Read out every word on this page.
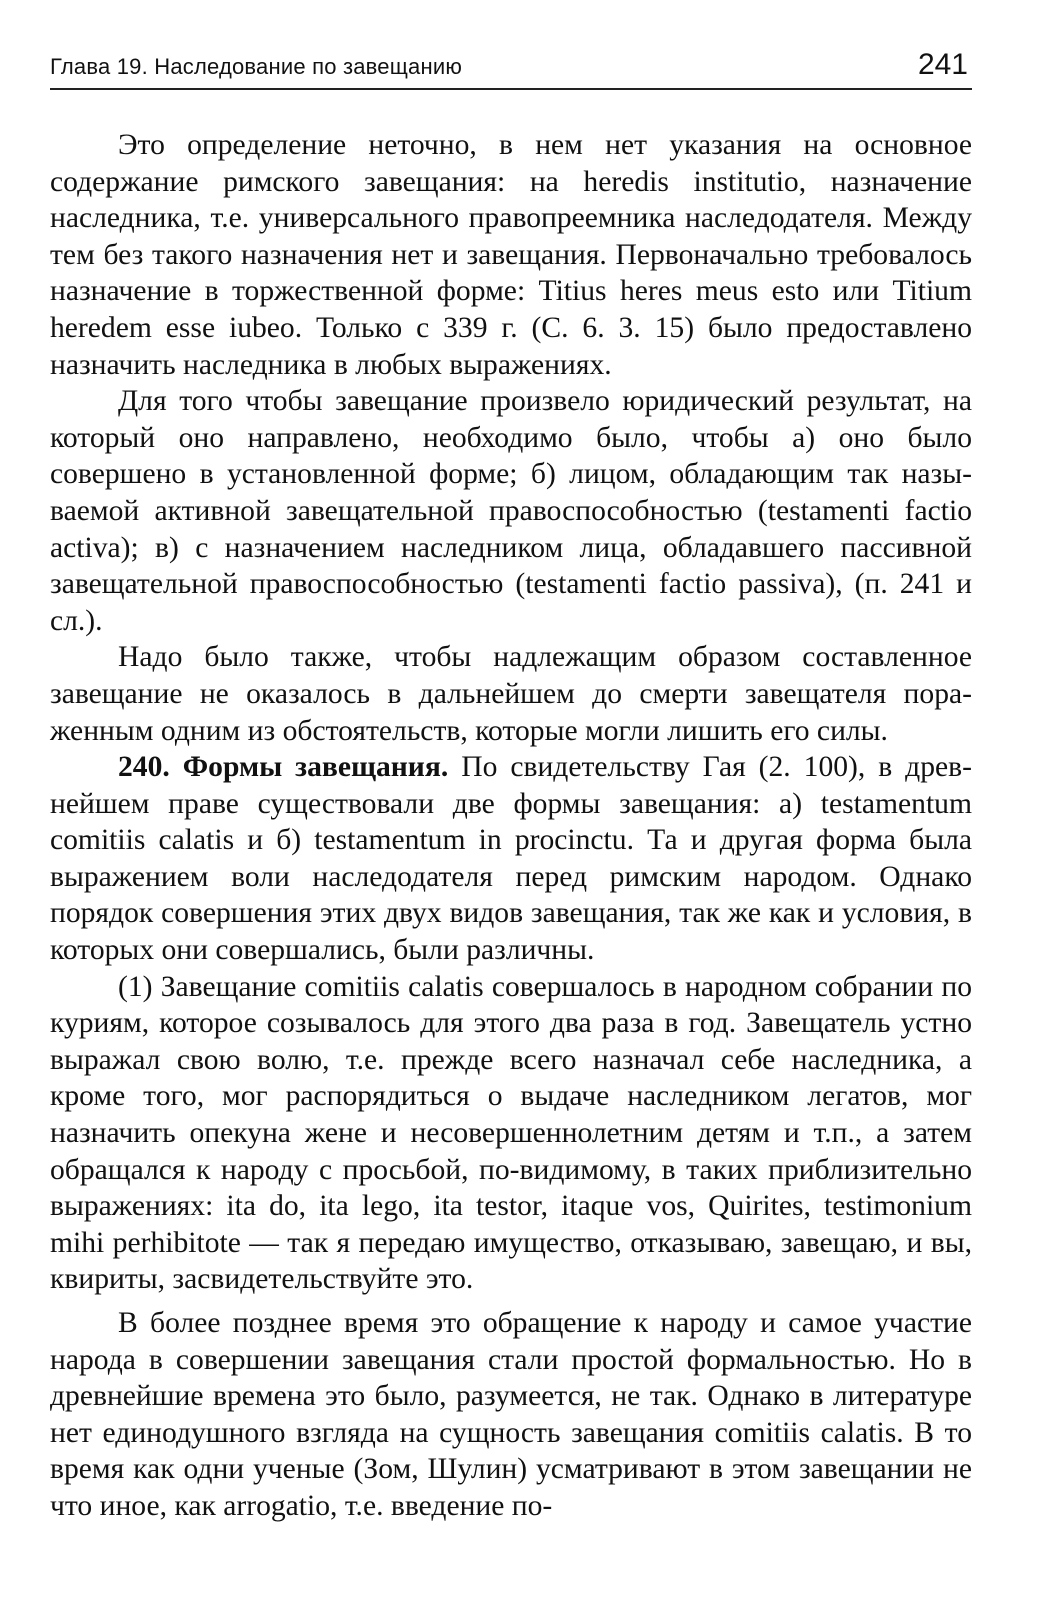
Глава 19. Наследование по завещанию	241

Это определение неточно, в нем нет указания на основное содержание римского завещания: на heredis institutio, назначение наследника, т.е. универсального правопреемника наследодателя. Между тем без такого назначения нет и завещания. Первоначально требовалось назначение в торжественной форме: Titius heres meus esto или Titium heredem esse iubeo. Только с 339 г. (С. 6. 3. 15) было предоставлено назначить наследника в любых выражениях.

Для того чтобы завещание произвело юридический результат, на который оно направлено, необходимо было, чтобы а) оно было совершено в установленной форме; б) лицом, обладающим так называемой активной завещательной правоспособностью (testamenti factio activa); в) с назначением наследником лица, обладавшего пассивной завещательной правоспособностью (testamenti factio passiva), (п. 241 и сл.).

Надо было также, чтобы надлежащим образом составленное завещание не оказалось в дальнейшем до смерти завещателя пораженным одним из обстоятельств, которые могли лишить его силы.

240. Формы завещания. По свидетельству Гая (2. 100), в древнейшем праве существовали две формы завещания: а) testamentum comitiis calatis и б) testamentum in procinctu. Та и другая форма была выражением воли наследодателя перед римским народом. Однако порядок совершения этих двух видов завещания, так же как и условия, в которых они совершались, были различны.

(1) Завещание comitiis calatis совершалось в народном собрании по куриям, которое созывалось для этого два раза в год. Завещатель устно выражал свою волю, т.е. прежде всего назначал себе наследника, а кроме того, мог распорядиться о выдаче наследником легатов, мог назначить опекуна жене и несовершеннолетним детям и т.п., а затем обращался к народу с просьбой, по-видимому, в таких приблизительно выражениях: ita do, ita lego, ita testor, itaque vos, Quirites, testimonium mihi perhibitote — так я передаю имущество, отказываю, завещаю, и вы, квириты, засвидетельствуйте это.

В более позднее время это обращение к народу и самое участие народа в совершении завещания стали простой формальностью. Но в древнейшие времена это было, разумеется, не так. Однако в литературе нет единодушного взгляда на сущность завещания comitiis calatis. В то время как одни ученые (Зом, Шулин) усматривают в этом завещании не что иное, как arrogatio, т.е. введение по-
